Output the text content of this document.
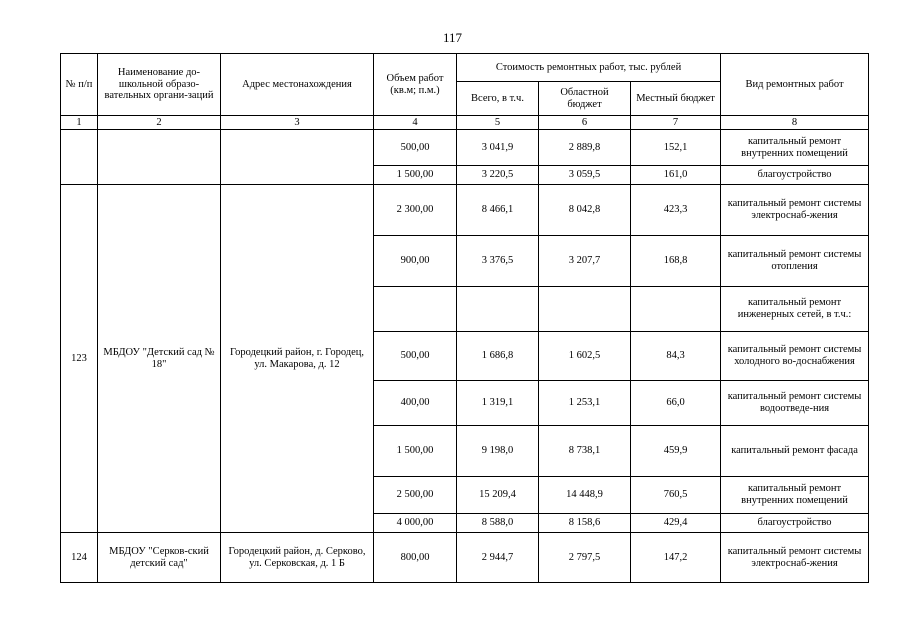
117
№ п/п	Наименование до-школьной образо-вательных органи-заций	Адрес местонахождения	Объем работ (кв.м; п.м.)	Стоимость ремонтных работ, тыс. рублей			Вид ремонтных работ
				Всего, в т.ч.	Областной бюджет	Местный бюджет	
1	2	3	4	5	6	7	8
			500,00	3 041,9	2 889,8	152,1	капитальный ремонт внутренних помещений
			1 500,00	3 220,5	3 059,5	161,0	благоустройство
123	МБДОУ "Детский сад № 18"	Городецкий район, г. Городец, ул. Макарова, д. 12	2 300,00	8 466,1	8 042,8	423,3	капитальный ремонт системы электроснаб-жения
			900,00	3 376,5	3 207,7	168,8	капитальный ремонт системы отопления
							капитальный ремонт инженерных сетей, в т.ч.:
			500,00	1 686,8	1 602,5	84,3	капитальный ремонт системы холодного во-доснабжения
			400,00	1 319,1	1 253,1	66,0	капитальный ремонт системы водоотведе-ния
			1 500,00	9 198,0	8 738,1	459,9	капитальный ремонт фасада
			2 500,00	15 209,4	14 448,9	760,5	капитальный ремонт внутренних помещений
			4 000,00	8 588,0	8 158,6	429,4	благоустройство
124	МБДОУ "Серков-ский детский сад"	Городецкий район, д. Серково, ул. Серковская, д. 1 Б	800,00	2 944,7	2 797,5	147,2	капитальный ремонт системы электроснаб-жения
